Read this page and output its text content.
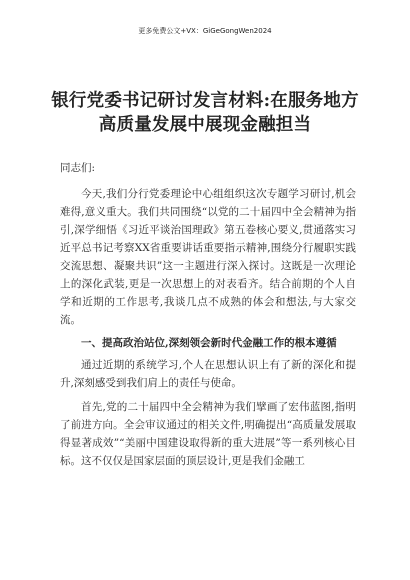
更多免费公文+VX：GiGeGongWen2024
银行党委书记研讨发言材料:在服务地方
高质量发展中展现金融担当

同志们:

今天,我们分行党委理论中心组组织这次专题学习研讨,机会难得,意义重大。我们共同围绕“以党的二十届四中全会精神为指引,深学细悟《习近平谈治国理政》第五卷核心要义,贯通落实习近平总书记考察XX省重要讲话重要指示精神,围绕分行履职实践交流思想、凝聚共识”这一主题进行深入探讨。这既是一次理论上的深化武装,更是一次思想上的对表看齐。结合前期的个人自学和近期的工作思考,我谈几点不成熟的体会和想法,与大家交流。

一、提高政治站位,深刻领会新时代金融工作的根本遵循

通过近期的系统学习,个人在思想认识上有了新的深化和提升,深刻感受到我们肩上的责任与使命。

首先,党的二十届四中全会精神为我们擘画了宏伟蓝图,指明了前进方向。全会审议通过的相关文件,明确提出“高质量发展取得显著成效”“美丽中国建设取得新的重大进展”等一系列核心目标。这不仅仅是国家层面的顶层设计,更是我们金融工
